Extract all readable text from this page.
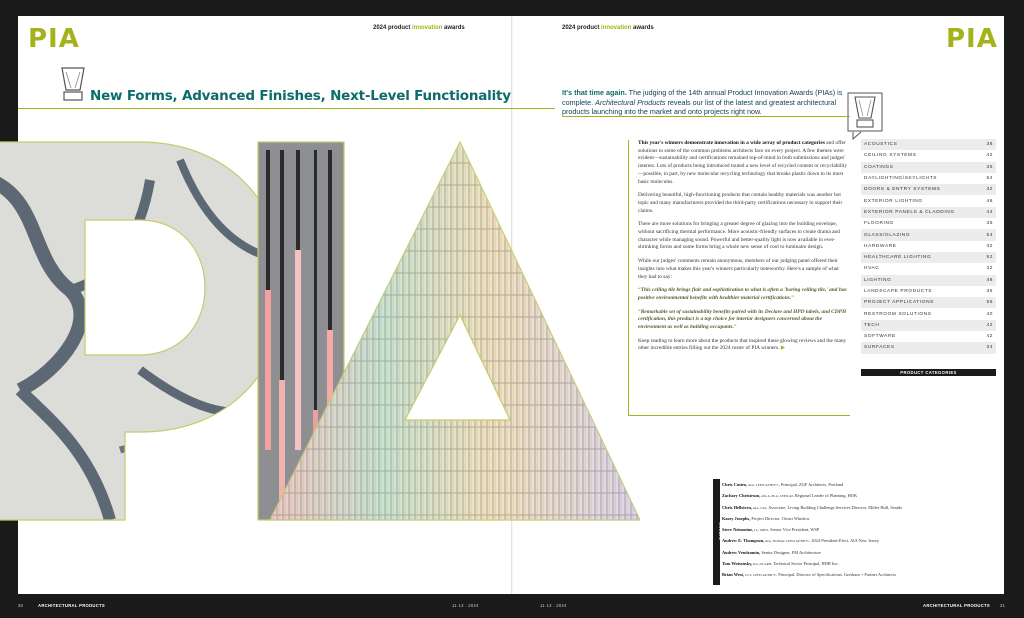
PIA	PIA
2024 product innovation awards	2024 product innovation awards
New Forms, Advanced Finishes, Next-Level Functionality	It's that time again. The judging of the 14th annual Product Innovation Awards (PIAs) is complete. Architectural Products reveals our list of the latest and greatest architectural products launching into the market and onto projects right now.

This year's winners demonstrate innovation in a wide array of product categories and offer solutions to some of the common problems architects face on every project. A few themes were evident—sustainability and certifications remained top-of-mind in both submissions and judges' interest. Lots of products being introduced touted a new level of recycled content or recyclability—possible, in part, by new molecular recycling technology that breaks plastic down to its most basic molecules.

Delivering beautiful, high-functioning products that contain healthy materials was another hot topic and many manufacturers provided the third-party certifications necessary to support their claims.

There are more solutions for bringing a greater degree of glazing into the building envelope, without sacrificing thermal performance. More acoustic-friendly surfaces to create drama and character while managing sound. Powerful and better-quality light is now available in ever-shrinking forms and some forms bring a whole new sense of cool to luminaire design.

While our judges' comments remain anonymous, members of our judging panel offered their insights into what makes this year's winners particularly noteworthy. Here's a sample of what they had to say:

“This ceiling tile brings flair and sophistication to what is often a 'boring ceiling tile,' and has positive environmental benefits with healthier material certifications.”

“Remarkable set of sustainability benefits paired with its Declare and HPD labels, and CDPH certification, this product is a top choice for interior designers concerned about the environment as well as building occupants.”

Keep reading to learn more about the products that inspired these glowing reviews and the many other incredible entries filling out the 2024 roster of PIA winners. ▶

ACOUSTICS	38
CEILING SYSTEMS	42
COATINGS	35
DAYLIGHTING/SKYLIGHTS	54
DOORS & ENTRY SYSTEMS	32
EXTERIOR LIGHTING	46
EXTERIOR PANELS & CLADDING	44
FLOORING	35
GLASS/GLAZING	54
HARDWARE	32
HEALTHCARE LIGHTING	52
HVAC	32
LIGHTING	48
LANDSCAPE PRODUCTS	35
PROJECT APPLICATIONS	56
RESTROOM SOLUTIONS	40
TECH	42
SOFTWARE	42
SURFACES	34
PRODUCT CATEGORIES
JUDGES
Chris Castro, AIA, LEED AP BD+C, Principal, ZGF Architects, Portland
Zachary Christeson, ASLA, PLA, LEED AP, Regional Leader of Planning, HOK
Chris Hellstern, AIA, LFA, Associate, Living Building Challenge Services Director, Miller Hull, Seattle
Kasey Josephs, Project Director, Orcutt Winslow
Steve Neinonine, LC, MIES, Senior Vice President, WSP
Andrew E. Thompson, AIA, NOMAC LEED AP BD+C, 2024 President-Elect, AIA New Jersey
Andrew Vendramin, Senior Designer, FM Architecture
Tom Woisensky, RA, NCARB, Technical Sector Principal, HDR Inc.
Brian West, CCS, LEED AP BD+C, Principal, Director of Specifications, Gresham + Partner Architects
30	ARCHITECTURAL PRODUCTS	11·12 . 2024	11·12 . 2024	ARCHITECTURAL PRODUCTS 31
